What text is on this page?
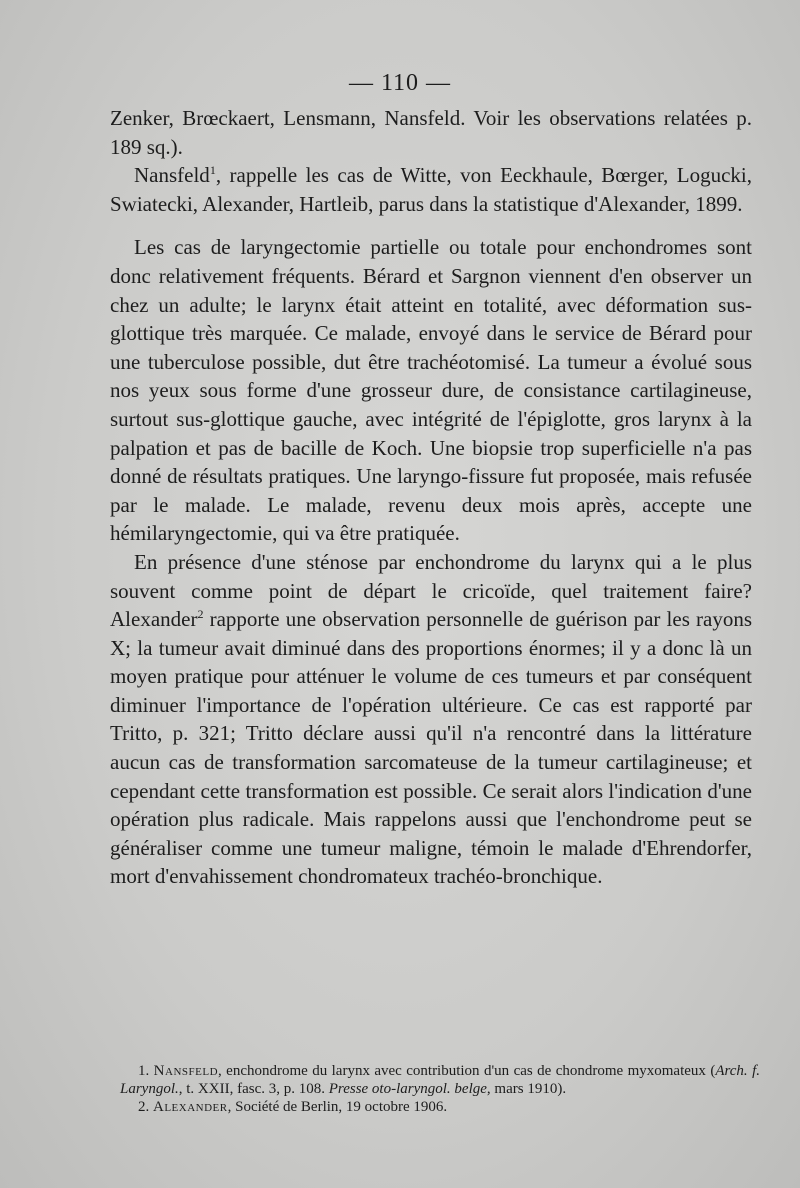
— 110 —

Zenker, Brœckaert, Lensmann, Nansfeld. Voir les observations relatées p. 189 sq.).

Nansfeld$^1$, rappelle les cas de Witte, von Eeckhaule, Bœrger, Logucki, Swiatecki, Alexander, Hartleib, parus dans la statistique d'Alexander, 1899.

Les cas de laryngectomie partielle ou totale pour enchondromes sont donc relativement fréquents. Bérard et Sargnon viennent d'en observer un chez un adulte; le larynx était atteint en totalité, avec déformation sus-glottique très marquée. Ce malade, envoyé dans le service de Bérard pour une tuberculose possible, dut être trachéotomisé. La tumeur a évolué sous nos yeux sous forme d'une grosseur dure, de consistance cartilagineuse, surtout sus-glottique gauche, avec intégrité de l'épiglotte, gros larynx à la palpation et pas de bacille de Koch. Une biopsie trop superficielle n'a pas donné de résultats pratiques. Une laryngo-fissure fut proposée, mais refusée par le malade. Le malade, revenu deux mois après, accepte une hémilaryngectomie, qui va être pratiquée.

En présence d'une sténose par enchondrome du larynx qui a le plus souvent comme point de départ le cricoïde, quel traitement faire? Alexander$^2$ rapporte une observation personnelle de guérison par les rayons X; la tumeur avait diminué dans des proportions énormes; il y a donc là un moyen pratique pour atténuer le volume de ces tumeurs et par conséquent diminuer l'importance de l'opération ultérieure. Ce cas est rapporté par Tritto, p. 321; Tritto déclare aussi qu'il n'a rencontré dans la littérature aucun cas de transformation sarcomateuse de la tumeur cartilagineuse; et cependant cette transformation est possible. Ce serait alors l'indication d'une opération plus radicale. Mais rappelons aussi que l'enchondrome peut se généraliser comme une tumeur maligne, témoin le malade d'Ehrendorfer, mort d'envahissement chondromateux trachéo-bronchique.

1. Nansfeld, enchondrome du larynx avec contribution d'un cas de chondrome myxomateux (Arch. f. Laryngol., t. XXII, fasc. 3, p. 108. Presse oto-laryngol. belge, mars 1910).

2. Alexander, Société de Berlin, 19 octobre 1906.
